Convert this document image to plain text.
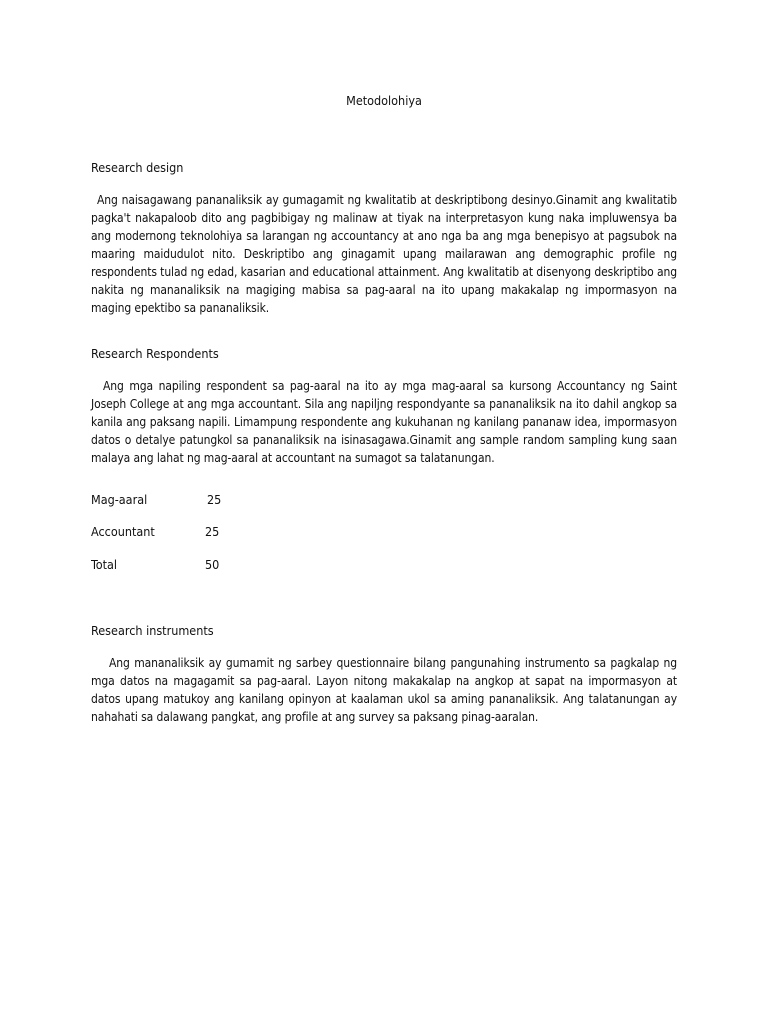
Metodolohiya
Research design
Ang naisagawang pananaliksik ay gumagamit ng kwalitatib at deskriptibong desinyo.Ginamit ang kwalitatib pagka't nakapaloob dito ang pagbibigay ng malinaw at tiyak na interpretasyon kung naka impluwensya ba ang modernong teknolohiya sa larangan ng accountancy at ano nga ba ang mga benepisyo at pagsubok na maaring maidudulot nito. Deskriptibo ang ginagamit upang mailarawan ang demographic profile ng respondents tulad ng edad, kasarian and educational attainment. Ang kwalitatib at disenyong deskriptibo ang nakita ng mananaliksik na magiging mabisa sa pag-aaral na ito upang makakalap ng impormasyon na maging epektibo sa pananaliksik.
Research Respondents
Ang mga napiling respondent sa pag-aaral na ito ay mga mag-aaral sa kursong Accountancy ng Saint Joseph College at ang mga accountant. Sila ang napiljng respondyante sa pananaliksik na ito dahil angkop sa kanila ang paksang napili. Limampung respondente ang kukuhanan ng kanilang pananaw idea, impormasyon datos o detalye patungkol sa pananaliksik na isinasagawa.Ginamit ang sample random sampling kung saan malaya ang lahat ng mag-aaral at accountant na sumagot sa talatanungan.
Mag-aaral	25
Accountant	25
Total	50
Research instruments
Ang mananaliksik ay gumamit ng sarbey questionnaire bilang pangunahing instrumento sa pagkalap ng mga datos na magagamit sa pag-aaral. Layon nitong makakalap na angkop at sapat na impormasyon at datos upang matukoy ang kanilang opinyon at kaalaman ukol sa aming pananaliksik. Ang talatanungan ay nahahati sa dalawang pangkat, ang profile at ang survey sa paksang pinag-aaralan.
